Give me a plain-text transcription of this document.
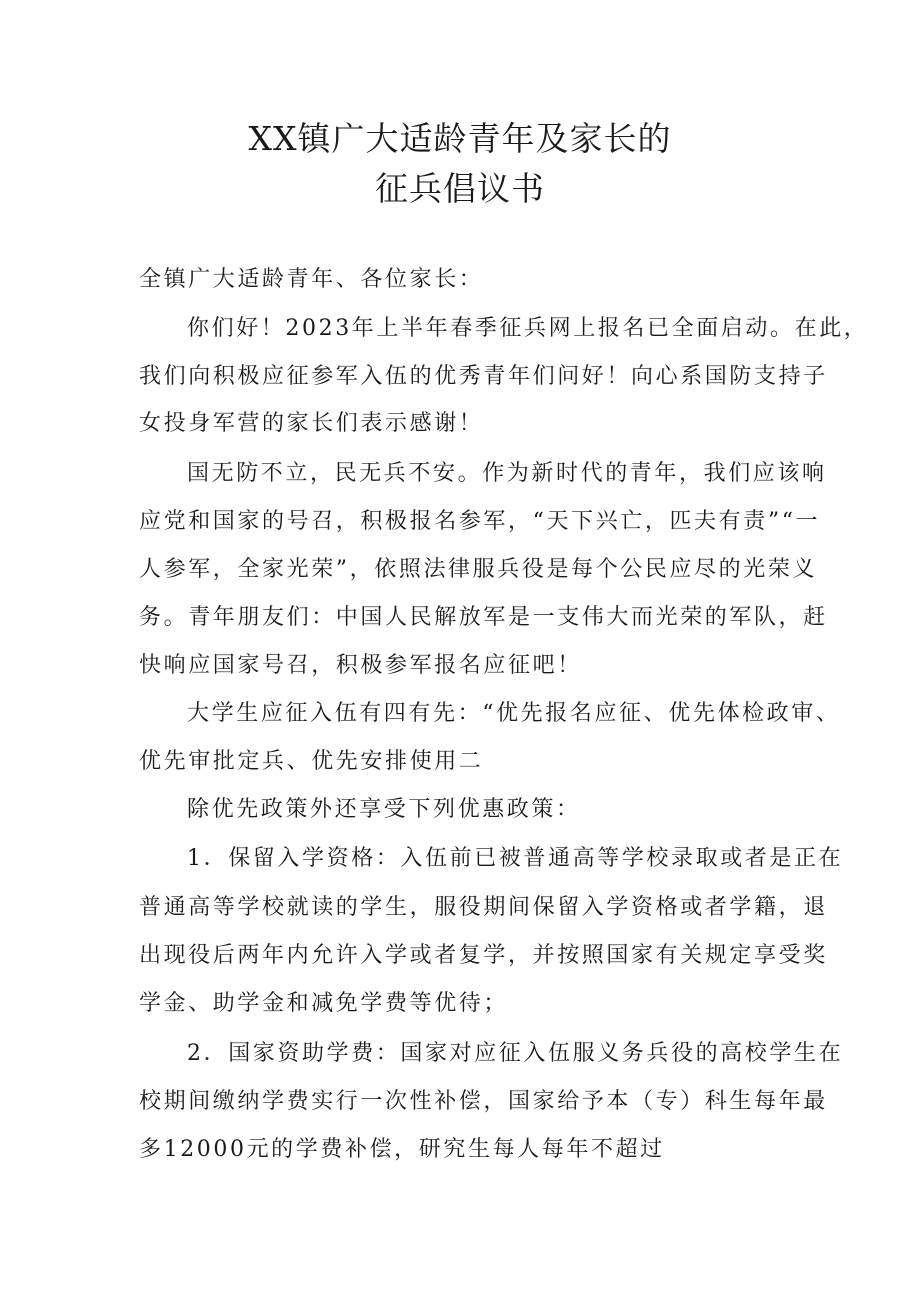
XX镇广大适龄青年及家长的
征兵倡议书

全镇广大适龄青年、各位家长：

你们好！2023年上半年春季征兵网上报名已全面启动。在此，

我们向积极应征参军入伍的优秀青年们问好！向心系国防支持子

女投身军营的家长们表示感谢！

国无防不立，民无兵不安。作为新时代的青年，我们应该响

应党和国家的号召，积极报名参军，“天下兴亡，匹夫有责”“一

人参军，全家光荣”，依照法律服兵役是每个公民应尽的光荣义

务。青年朋友们：中国人民解放军是一支伟大而光荣的军队，赶

快响应国家号召，积极参军报名应征吧！

大学生应征入伍有四有先：“优先报名应征、优先体检政审、

优先审批定兵、优先安排使用二

除优先政策外还享受下列优惠政策：

1．保留入学资格：入伍前已被普通高等学校录取或者是正在

普通高等学校就读的学生，服役期间保留入学资格或者学籍，退

出现役后两年内允许入学或者复学，并按照国家有关规定享受奖

学金、助学金和减免学费等优待；

2．国家资助学费：国家对应征入伍服义务兵役的高校学生在

校期间缴纳学费实行一次性补偿，国家给予本（专）科生每年最

多12000元的学费补偿，研究生每人每年不超过
